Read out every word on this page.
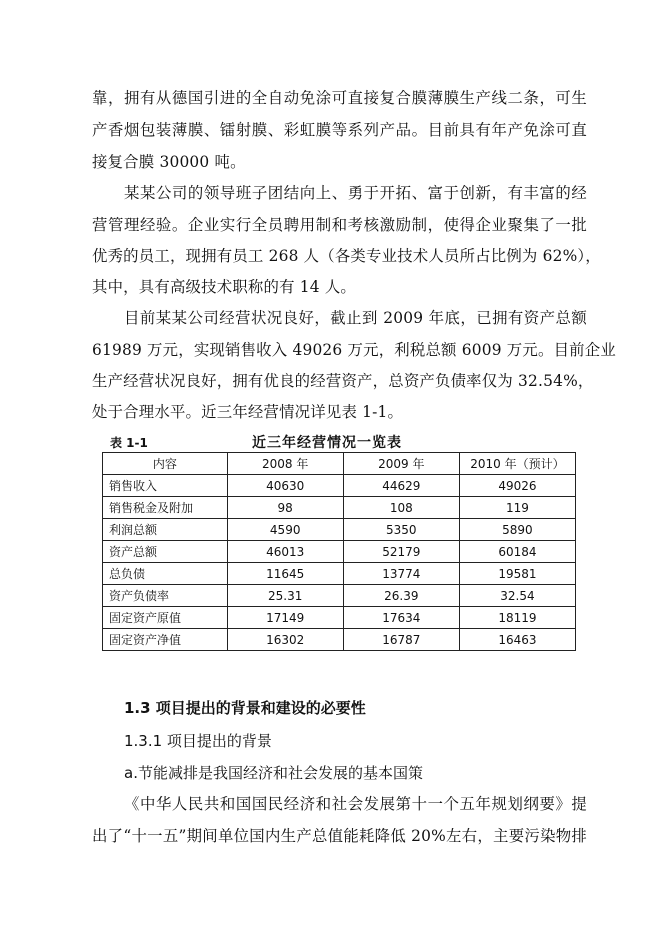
靠，拥有从德国引进的全自动免涂可直接复合膜薄膜生产线二条，可生
产香烟包装薄膜、镭射膜、彩虹膜等系列产品。目前具有年产免涂可直
接复合膜 30000 吨。
某某公司的领导班子团结向上、勇于开拓、富于创新，有丰富的经
营管理经验。企业实行全员聘用制和考核激励制，使得企业聚集了一批
优秀的员工，现拥有员工 268 人（各类专业技术人员所占比例为 62%），
其中，具有高级技术职称的有 14 人。
目前某某公司经营状况良好，截止到 2009 年底，已拥有资产总额
61989 万元，实现销售收入 49026 万元，利税总额 6009 万元。目前企业
生产经营状况良好，拥有优良的经营资产，总资产负债率仅为 32.54%，
处于合理水平。近三年经营情况详见表 1-1。
表 1-1	近三年经营情况一览表
内容	2008 年	2009 年	2010 年（预计）
销售收入	40630	44629	49026
销售税金及附加	98	108	119
利润总额	4590	5350	5890
资产总额	46013	52179	60184
总负债	11645	13774	19581
资产负债率	25.31	26.39	32.54
固定资产原值	17149	17634	18119
固定资产净值	16302	16787	16463
1.3 项目提出的背景和建设的必要性
1.3.1 项目提出的背景
a.节能减排是我国经济和社会发展的基本国策
《中华人民共和国国民经济和社会发展第十一个五年规划纲要》提
出了“十一五”期间单位国内生产总值能耗降低 20%左右，主要污染物排
